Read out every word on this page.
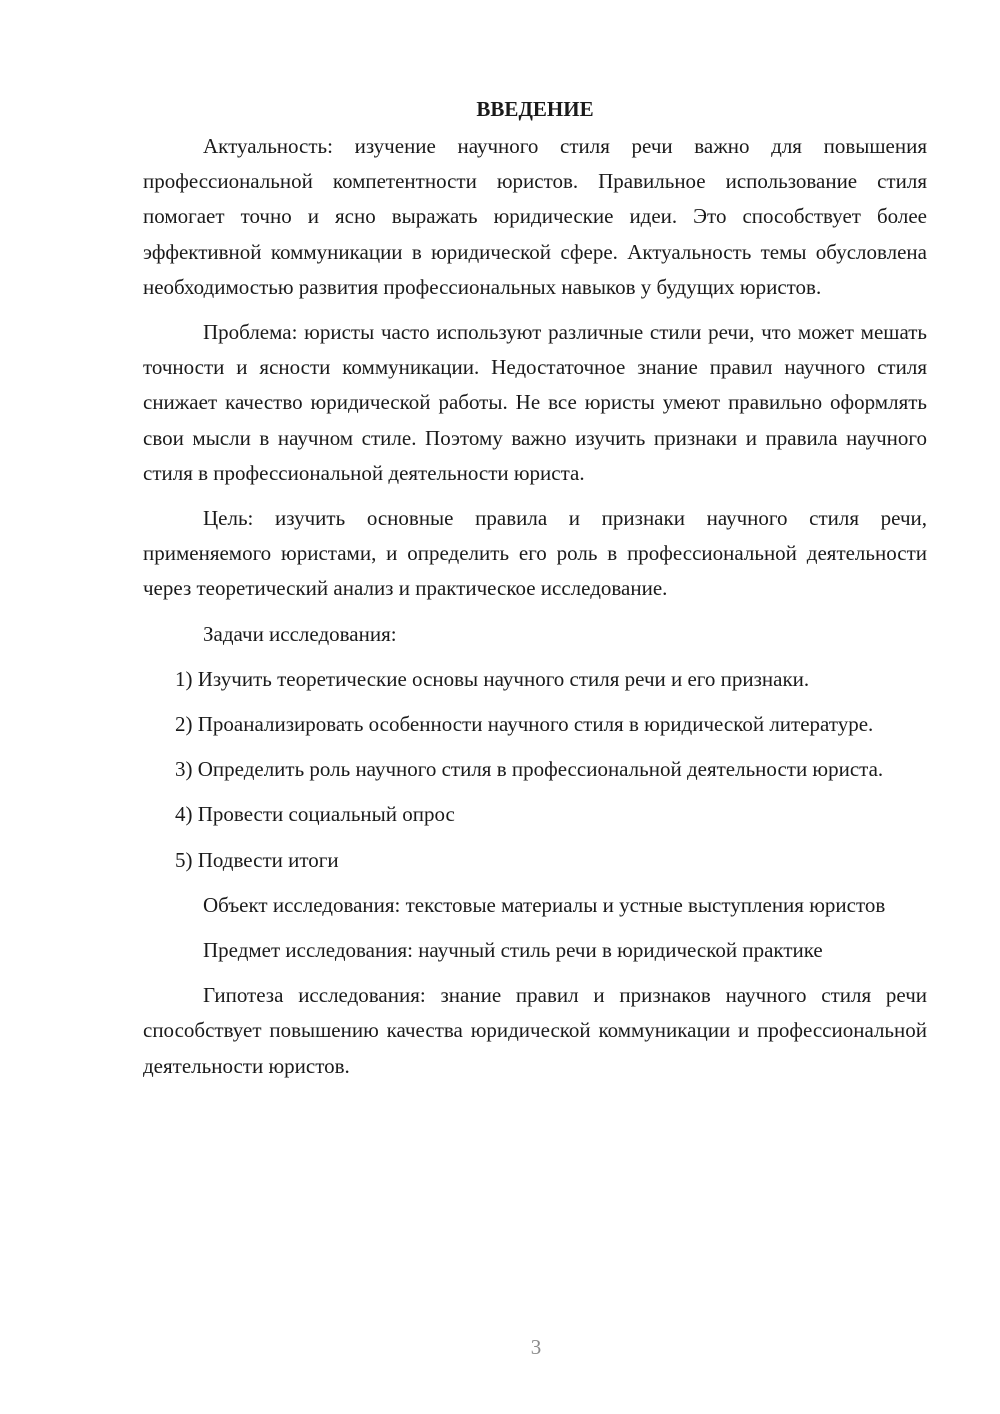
ВВЕДЕНИЕ

Актуальность: изучение научного стиля речи важно для повышения профессиональной компетентности юристов. Правильное использование стиля помогает точно и ясно выражать юридические идеи. Это способствует более эффективной коммуникации в юридической сфере. Актуальность темы обусловлена необходимостью развития профессиональных навыков у будущих юристов.

Проблема: юристы часто используют различные стили речи, что может мешать точности и ясности коммуникации. Недостаточное знание правил научного стиля снижает качество юридической работы. Не все юристы умеют правильно оформлять свои мысли в научном стиле. Поэтому важно изучить признаки и правила научного стиля в профессиональной деятельности юриста.

Цель: изучить основные правила и признаки научного стиля речи, применяемого юристами, и определить его роль в профессиональной деятельности через теоретический анализ и практическое исследование.

Задачи исследования:

1) Изучить теоретические основы научного стиля речи и его признаки.

2) Проанализировать особенности научного стиля в юридической литературе.

3) Определить роль научного стиля в профессиональной деятельности юриста.

4) Провести социальный опрос

5) Подвести итоги

Объект исследования: текстовые материалы и устные выступления юристов

Предмет исследования: научный стиль речи в юридической практике

Гипотеза исследования: знание правил и признаков научного стиля речи способствует повышению качества юридической коммуникации и профессиональной деятельности юристов.

3
